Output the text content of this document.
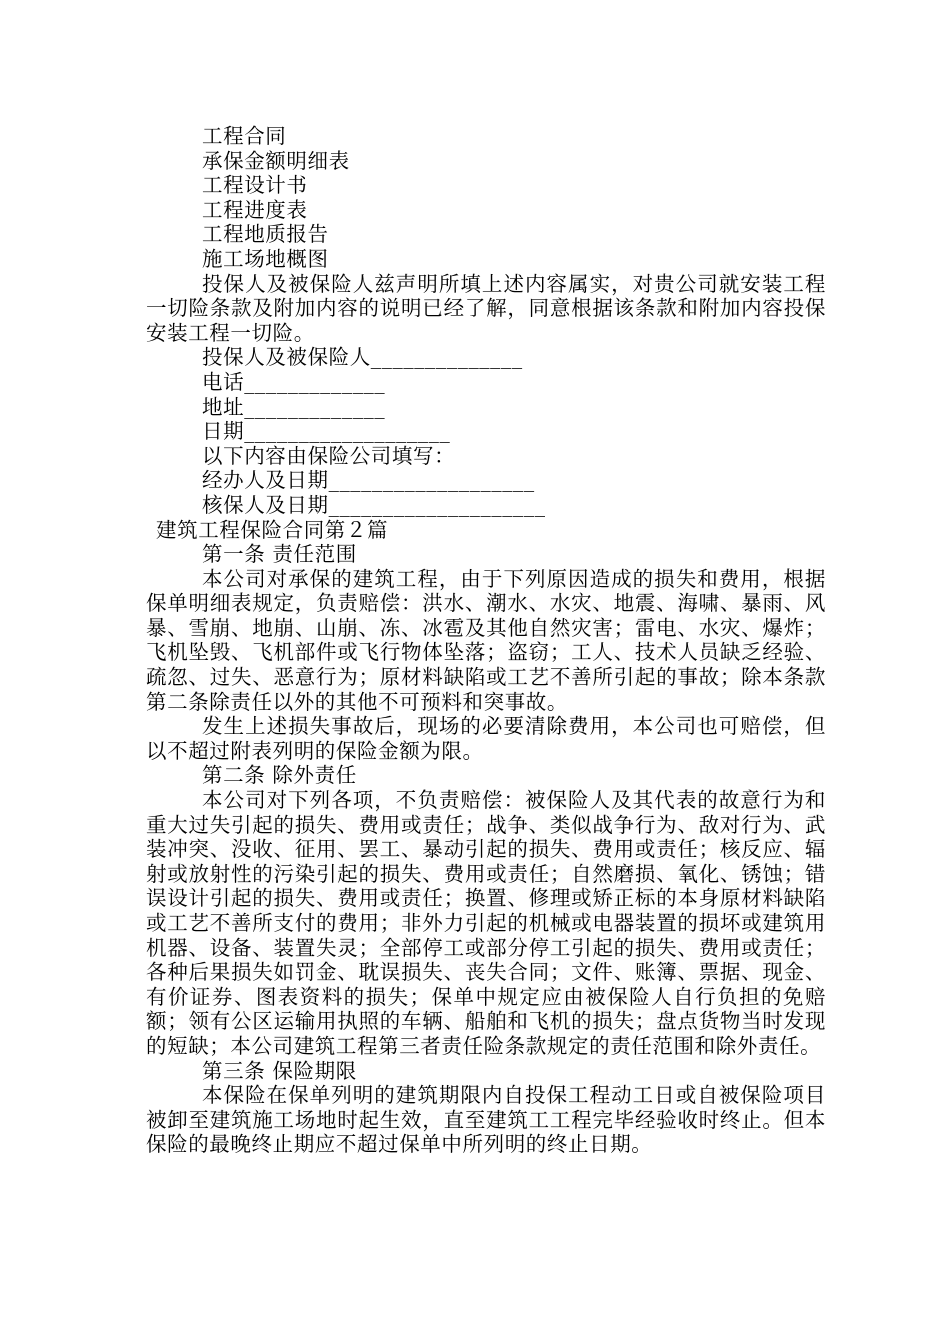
工程合同
承保金额明细表
工程设计书
工程进度表
工程地质报告
施工场地概图

投保人及被保险人兹声明所填上述内容属实，对贵公司就安装工程一切险条款及附加内容的说明已经了解，同意根据该条款和附加内容投保安装工程一切险。

投保人及被保险人______________
电话_____________
地址_____________
日期___________________
以下内容由保险公司填写：
经办人及日期___________________
核保人及日期____________________
建筑工程保险合同第２篇
第一条 责任范围

本公司对承保的建筑工程，由于下列原因造成的损失和费用，根据保单明细表规定，负责赔偿：洪水、潮水、水灾、地震、海啸、暴雨、风暴、雪崩、地崩、山崩、冻、冰雹及其他自然灾害；雷电、水灾、爆炸；飞机坠毁、飞机部件或飞行物体坠落；盗窃；工人、技术人员缺乏经验、疏忽、过失、恶意行为；原材料缺陷或工艺不善所引起的事故；除本条款第二条除责任以外的其他不可预料和突事故。

发生上述损失事故后，现场的必要清除费用，本公司也可赔偿，但以不超过附表列明的保险金额为限。

第二条 除外责任

本公司对下列各项，不负责赔偿：被保险人及其代表的故意行为和重大过失引起的损失、费用或责任；战争、类似战争行为、敌对行为、武装冲突、没收、征用、罢工、暴动引起的损失、费用或责任；核反应、辐射或放射性的污染引起的损失、费用或责任；自然磨损、氧化、锈蚀；错误设计引起的损失、费用或责任；换置、修理或矫正标的本身原材料缺陷或工艺不善所支付的费用；非外力引起的机械或电器装置的损坏或建筑用机器、设备、装置失灵；全部停工或部分停工引起的损失、费用或责任；各种后果损失如罚金、耽误损失、丧失合同；文件、账簿、票据、现金、有价证券、图表资料的损失；保单中规定应由被保险人自行负担的免赔额；领有公区运输用执照的车辆、船舶和飞机的损失；盘点货物当时发现的短缺；本公司建筑工程第三者责任险条款规定的责任范围和除外责任。

第三条 保险期限

本保险在保单列明的建筑期限内自投保工程动工日或自被保险项目被卸至建筑施工场地时起生效，直至建筑工工程完毕经验收时终止。但本保险的最晚终止期应不超过保单中所列明的终止日期。
